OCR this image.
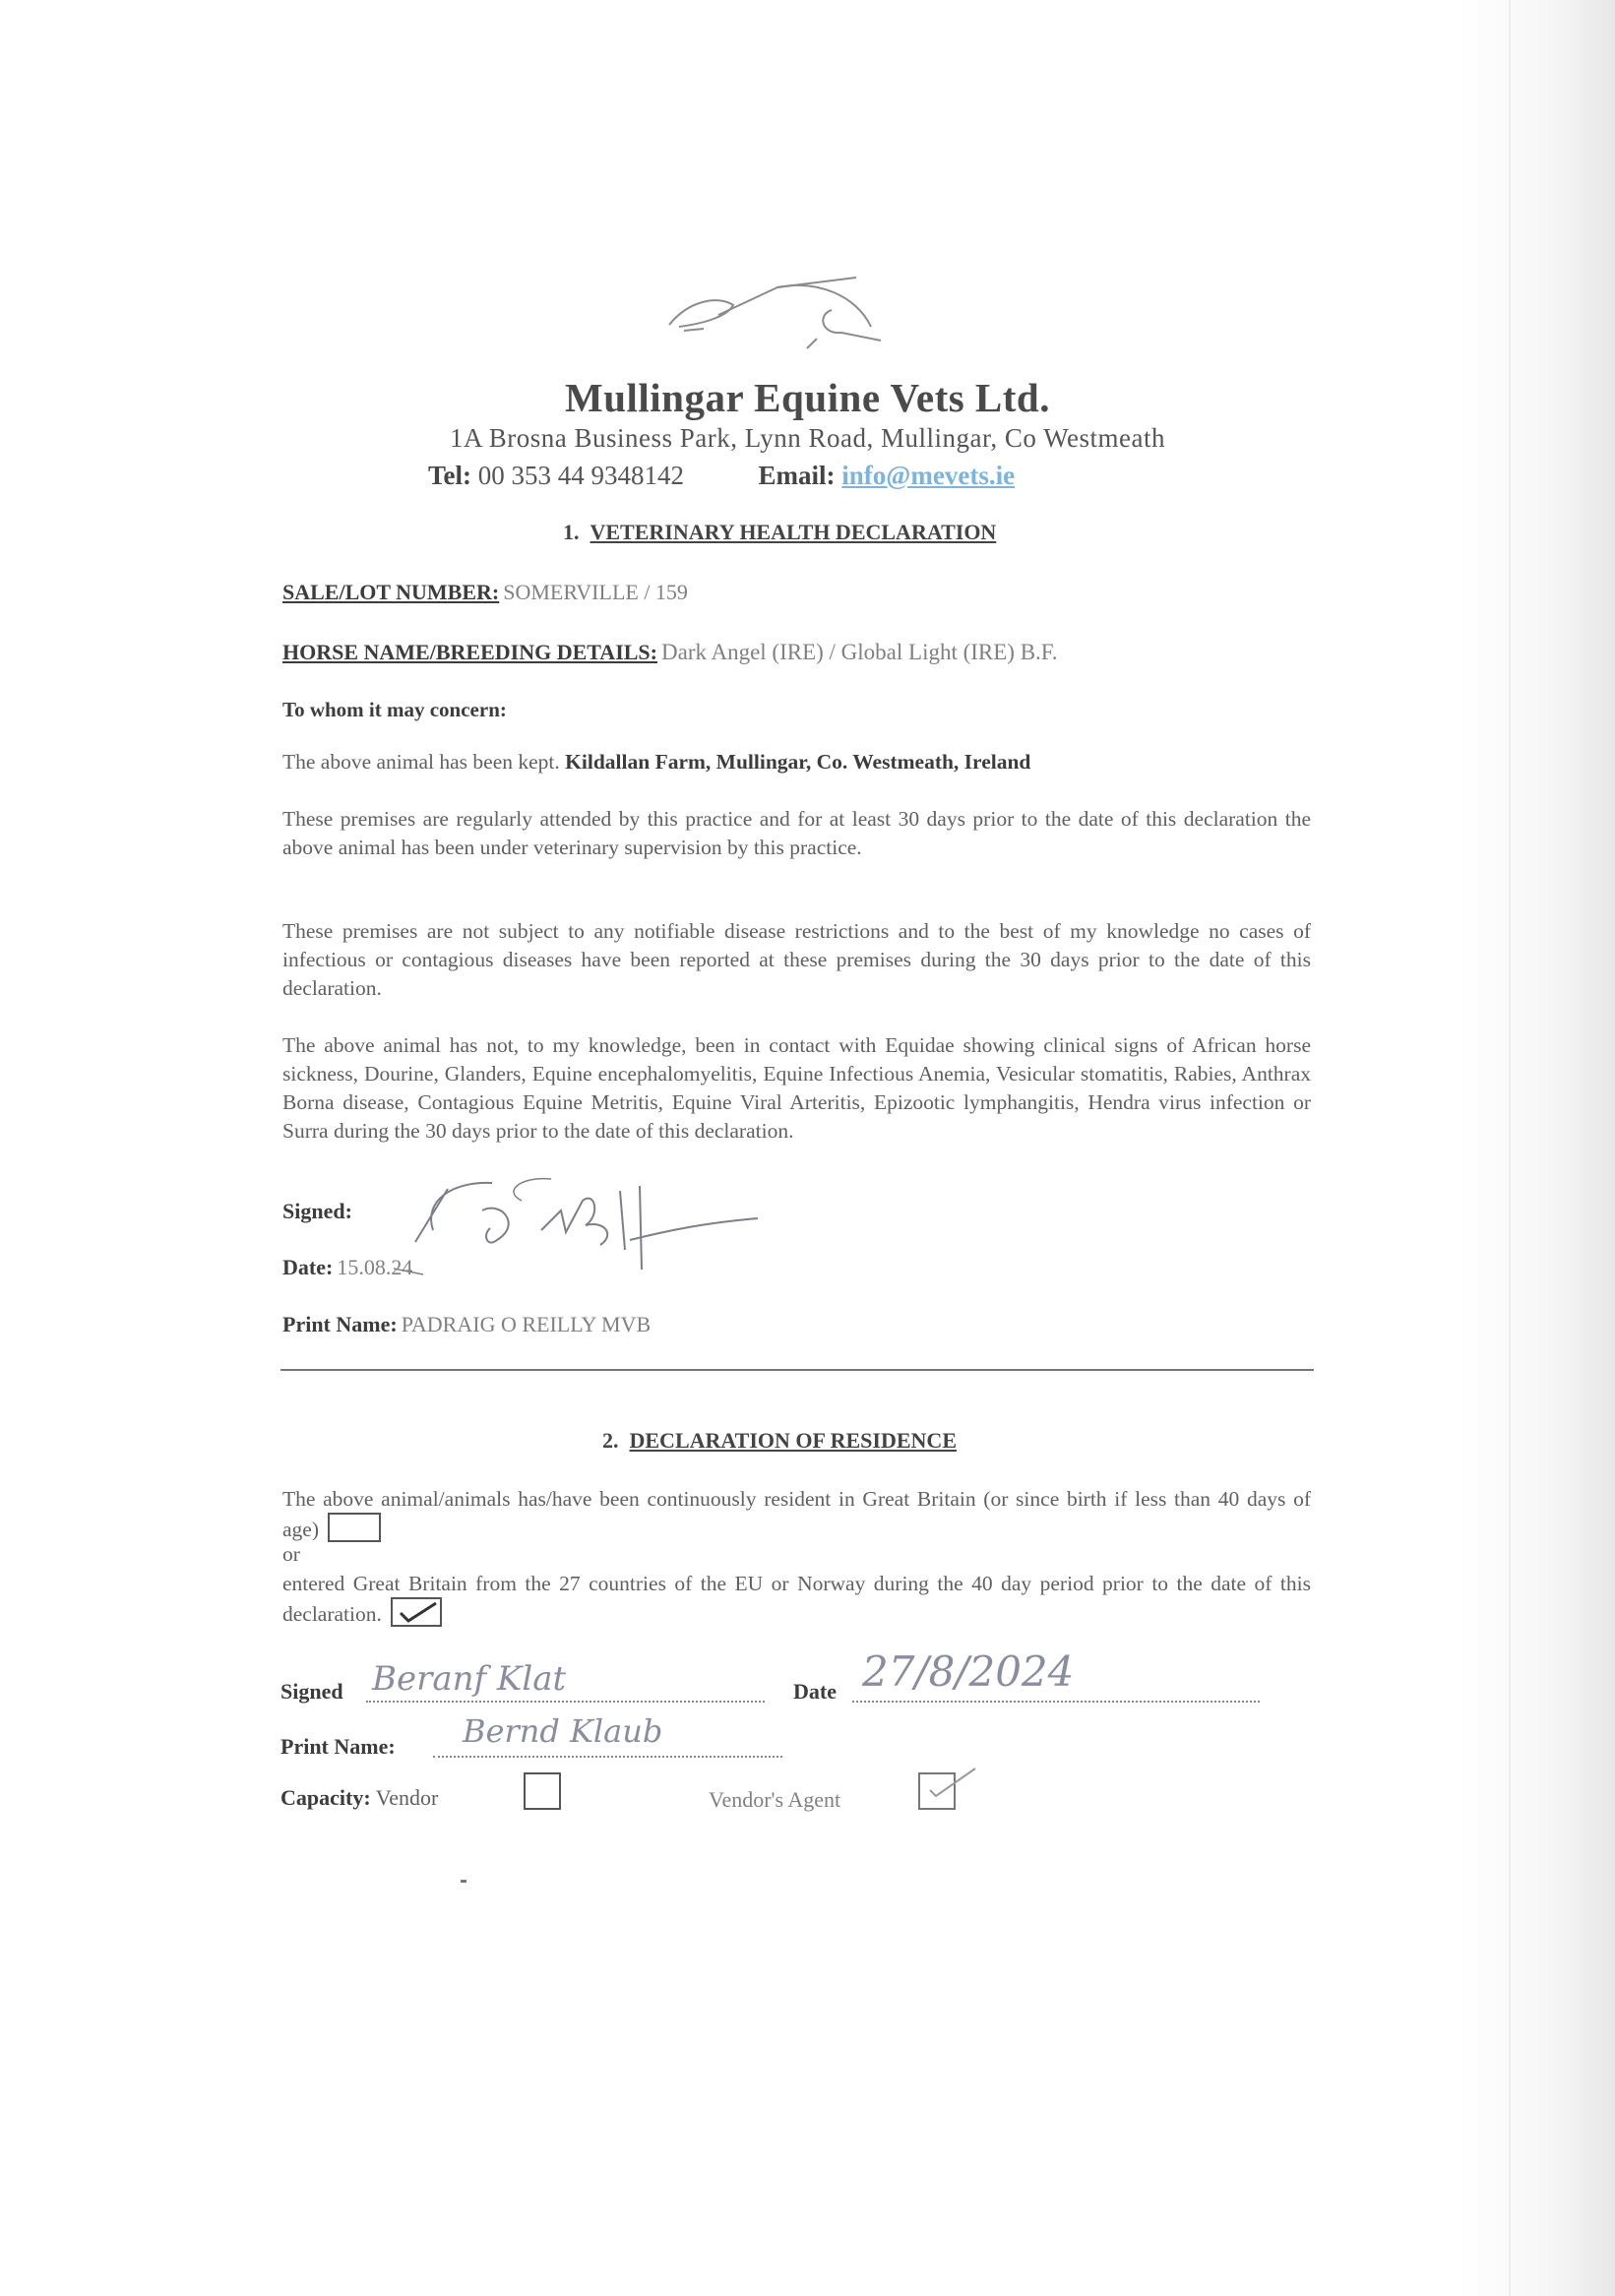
Mullingar Equine Vets Ltd.
1A Brosna Business Park, Lynn Road, Mullingar, Co Westmeath
Tel: 00 353 44 9348142	Email: info@mevets.ie
1. VETERINARY HEALTH DECLARATION
SALE/LOT NUMBER: SOMERVILLE / 159
HORSE NAME/BREEDING DETAILS: Dark Angel (IRE) / Global Light (IRE) B.F.
To whom it may concern:
The above animal has been kept. Kildallan Farm, Mullingar, Co. Westmeath, Ireland
These premises are regularly attended by this practice and for at least 30 days prior to the date of this declaration the above animal has been under veterinary supervision by this practice.
These premises are not subject to any notifiable disease restrictions and to the best of my knowledge no cases of infectious or contagious diseases have been reported at these premises during the 30 days prior to the date of this declaration.
The above animal has not, to my knowledge, been in contact with Equidae showing clinical signs of African horse sickness, Dourine, Glanders, Equine encephalomyelitis, Equine Infectious Anemia, Vesicular stomatitis, Rabies, Anthrax Borna disease, Contagious Equine Metritis, Equine Viral Arteritis, Epizootic lymphangitis, Hendra virus infection or Surra during the 30 days prior to the date of this declaration.
Signed:
Date: 15.08.24
Print Name: PADRAIG O REILLY MVB
2. DECLARATION OF RESIDENCE
The above animal/animals has/have been continuously resident in Great Britain (or since birth if less than 40 days of age)
or
entered Great Britain from the 27 countries of the EU or Norway during the 40 day period prior to the date of this declaration.
Signed Beranf Klat	Date 27/8/2024
Print Name: Bernd Klaub
Capacity: Vendor	Vendor's Agent
